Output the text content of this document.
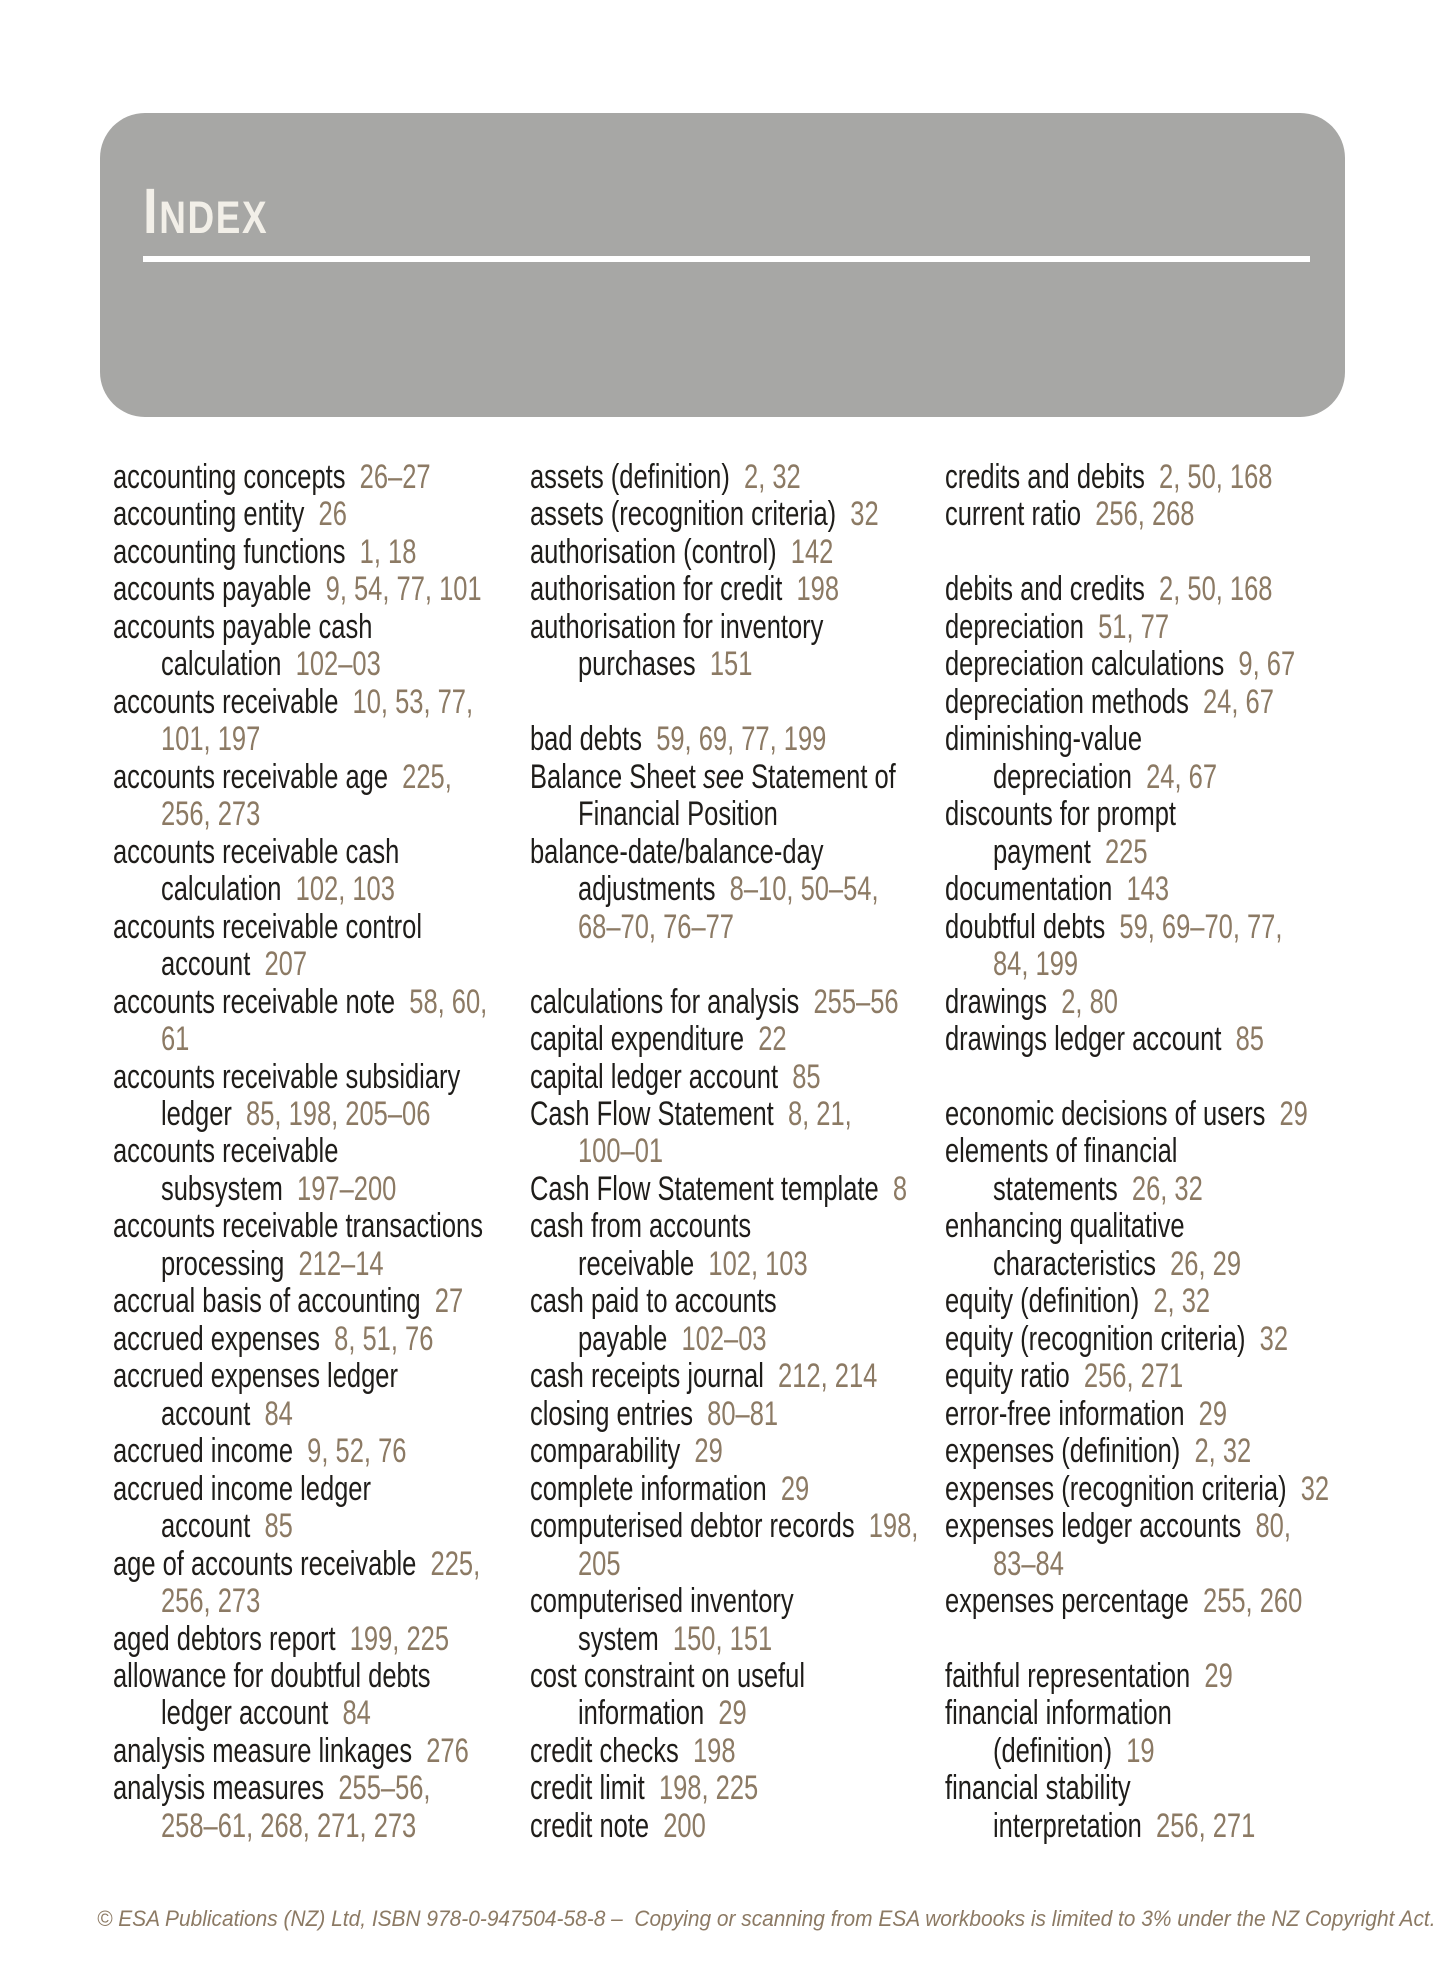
INDEX
accounting concepts  26–27
accounting entity  26
accounting functions  1, 18
accounts payable  9, 54, 77, 101
accounts payable cash
calculation  102–03
accounts receivable  10, 53, 77,
101, 197
accounts receivable age  225,
256, 273
accounts receivable cash
calculation  102, 103
accounts receivable control
account  207
accounts receivable note  58, 60,
61
accounts receivable subsidiary
ledger  85, 198, 205–06
accounts receivable
subsystem  197–200
accounts receivable transactions
processing  212–14
accrual basis of accounting  27
accrued expenses  8, 51, 76
accrued expenses ledger
account  84
accrued income  9, 52, 76
accrued income ledger
account  85
age of accounts receivable  225,
256, 273
aged debtors report  199, 225
allowance for doubtful debts
ledger account  84
analysis measure linkages  276
analysis measures  255–56,
258–61, 268, 271, 273
assets (definition)  2, 32
assets (recognition criteria)  32
authorisation (control)  142
authorisation for credit  198
authorisation for inventory
purchases  151

bad debts  59, 69, 77, 199
Balance Sheet see Statement of
Financial Position
balance-date/balance-day
adjustments  8–10, 50–54,
68–70, 76–77

calculations for analysis  255–56
capital expenditure  22
capital ledger account  85
Cash Flow Statement  8, 21,
100–01
Cash Flow Statement template  8
cash from accounts
receivable  102, 103
cash paid to accounts
payable  102–03
cash receipts journal  212, 214
closing entries  80–81
comparability  29
complete information  29
computerised debtor records  198,
205
computerised inventory
system  150, 151
cost constraint on useful
information  29
credit checks  198
credit limit  198, 225
credit note  200
credits and debits  2, 50, 168
current ratio  256, 268

debits and credits  2, 50, 168
depreciation  51, 77
depreciation calculations  9, 67
depreciation methods  24, 67
diminishing-value
depreciation  24, 67
discounts for prompt
payment  225
documentation  143
doubtful debts  59, 69–70, 77,
84, 199
drawings  2, 80
drawings ledger account  85

economic decisions of users  29
elements of financial
statements  26, 32
enhancing qualitative
characteristics  26, 29
equity (definition)  2, 32
equity (recognition criteria)  32
equity ratio  256, 271
error-free information  29
expenses (definition)  2, 32
expenses (recognition criteria)  32
expenses ledger accounts  80,
83–84
expenses percentage  255, 260

faithful representation  29
financial information
(definition)  19
financial stability
interpretation  256, 271
© ESA Publications (NZ) Ltd, ISBN 978-0-947504-58-8 –  Copying or scanning from ESA workbooks is limited to 3% under the NZ Copyright Act.
